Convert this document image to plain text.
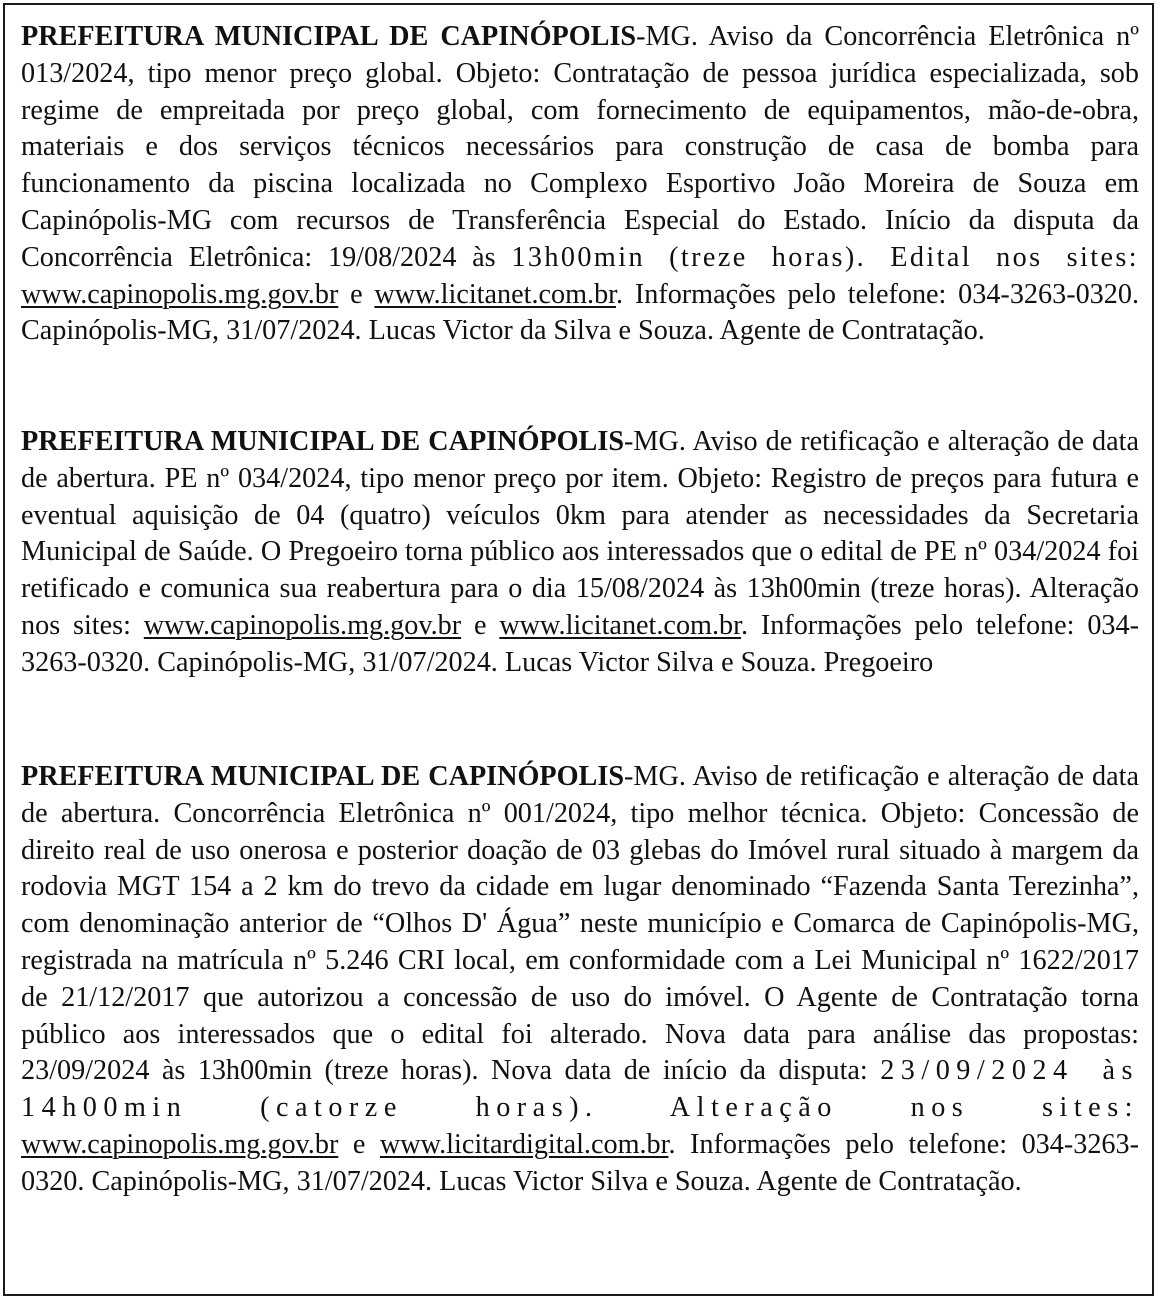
PREFEITURA MUNICIPAL DE CAPINÓPOLIS-MG. Aviso da Concorrência Eletrônica nº 013/2024, tipo menor preço global. Objeto: Contratação de pessoa jurídica especializada, sob regime de empreitada por preço global, com fornecimento de equipamentos, mão-de-obra, materiais e dos serviços técnicos necessários para construção de casa de bomba para funcionamento da piscina localizada no Complexo Esportivo João Moreira de Souza em Capinópolis-MG com recursos de Transferência Especial do Estado. Início da disputa da Concorrência Eletrônica: 19/08/2024 às 13h00min (treze horas). Edital nos sites: www.capinopolis.mg.gov.br e www.licitanet.com.br. Informações pelo telefone: 034-3263-0320. Capinópolis-MG, 31/07/2024. Lucas Victor da Silva e Souza. Agente de Contratação.

PREFEITURA MUNICIPAL DE CAPINÓPOLIS-MG. Aviso de retificação e alteração de data de abertura. PE nº 034/2024, tipo menor preço por item. Objeto: Registro de preços para futura e eventual aquisição de 04 (quatro) veículos 0km para atender as necessidades da Secretaria Municipal de Saúde. O Pregoeiro torna público aos interessados que o edital de PE nº 034/2024 foi retificado e comunica sua reabertura para o dia 15/08/2024 às 13h00min (treze horas). Alteração nos sites: www.capinopolis.mg.gov.br e www.licitanet.com.br. Informações pelo telefone: 034-3263-0320. Capinópolis-MG, 31/07/2024. Lucas Victor Silva e Souza. Pregoeiro

PREFEITURA MUNICIPAL DE CAPINÓPOLIS-MG. Aviso de retificação e alteração de data de abertura. Concorrência Eletrônica nº 001/2024, tipo melhor técnica. Objeto: Concessão de direito real de uso onerosa e posterior doação de 03 glebas do Imóvel rural situado à margem da rodovia MGT 154 a 2 km do trevo da cidade em lugar denominado “Fazenda Santa Terezinha”, com denominação anterior de “Olhos D' Água” neste município e Comarca de Capinópolis-MG, registrada na matrícula nº 5.246 CRI local, em conformidade com a Lei Municipal nº 1622/2017 de 21/12/2017 que autorizou a concessão de uso do imóvel. O Agente de Contratação torna público aos interessados que o edital foi alterado. Nova data para análise das propostas: 23/09/2024 às 13h00min (treze horas). Nova data de início da disputa: 23/09/2024 às 14h00min (catorze horas). Alteração nos sites: www.capinopolis.mg.gov.br e www.licitardigital.com.br. Informações pelo telefone: 034-3263-0320. Capinópolis-MG, 31/07/2024. Lucas Victor Silva e Souza. Agente de Contratação.
